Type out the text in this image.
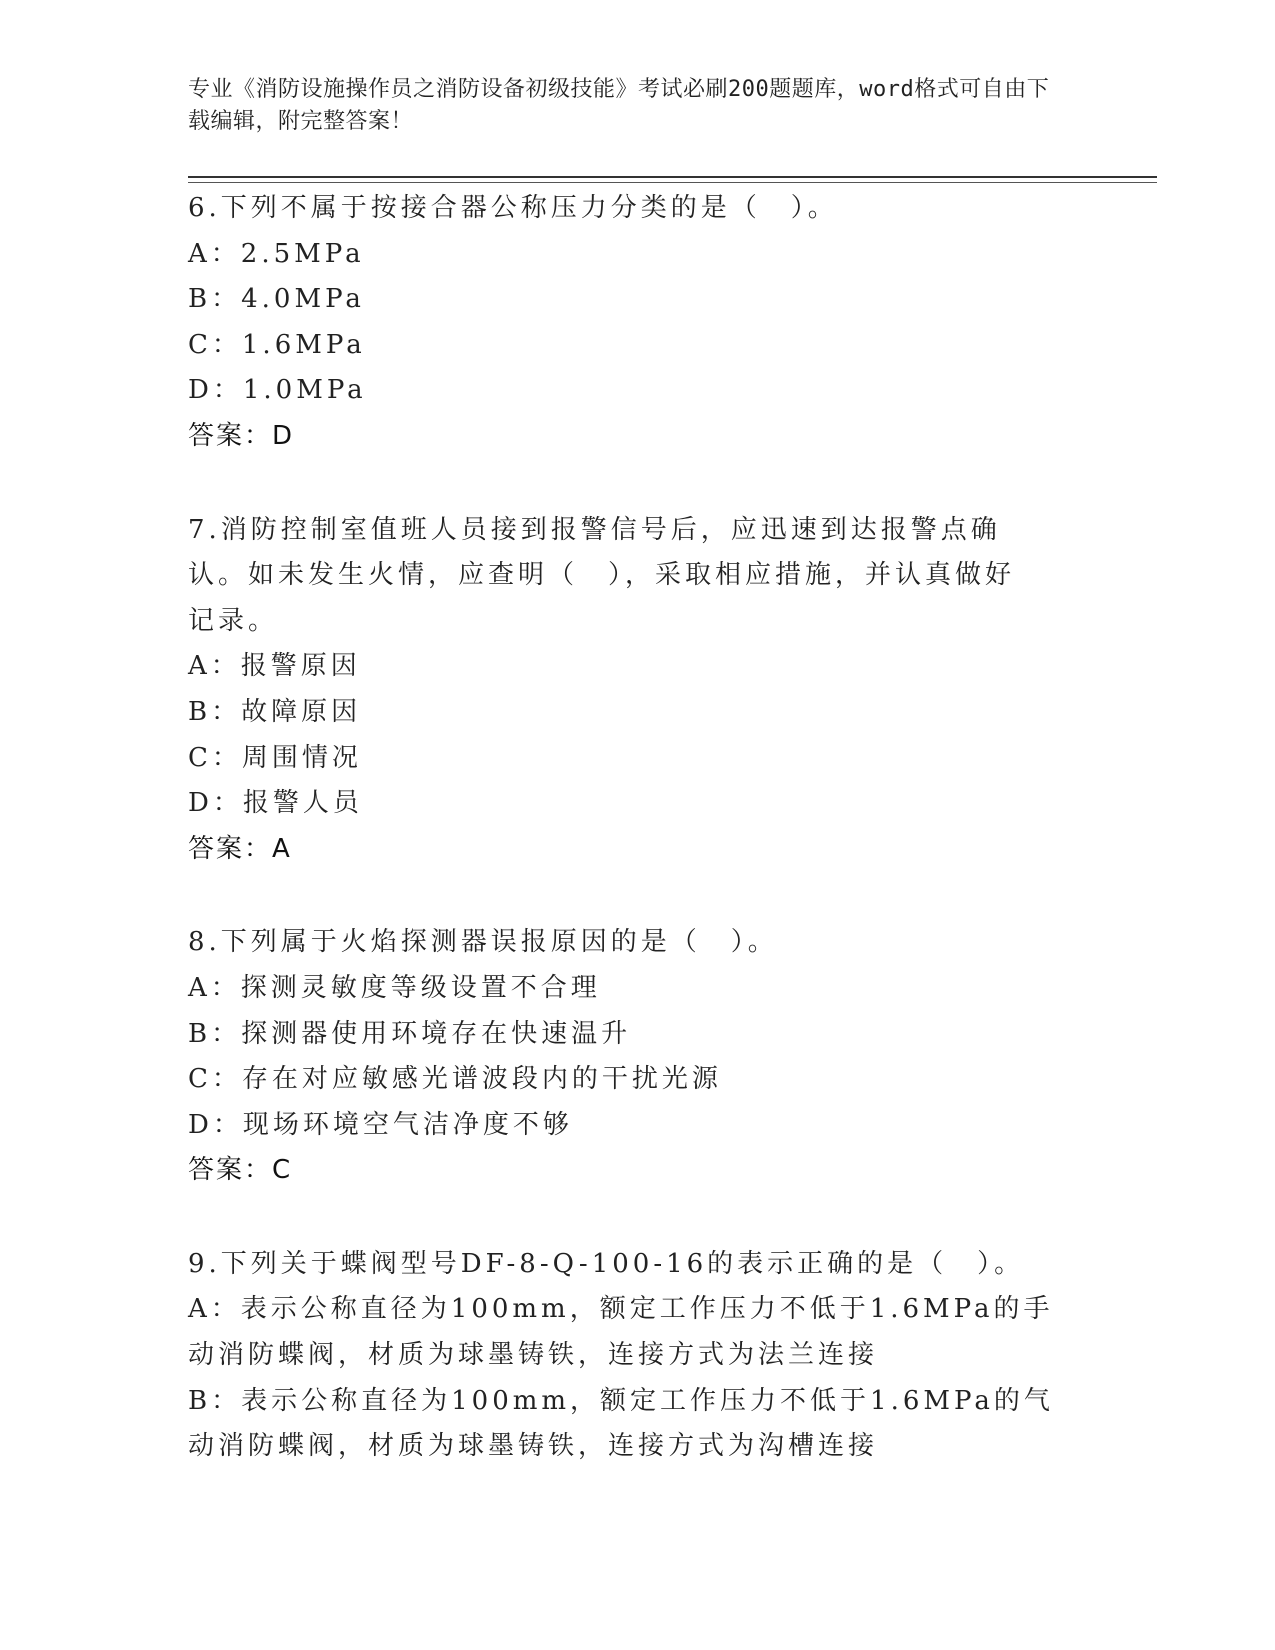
专业《消防设施操作员之消防设备初级技能》考试必刷200题题库，word格式可自由下载编辑，附完整答案！
6.下列不属于按接合器公称压力分类的是（　）。
A：2.5MPa
B：4.0MPa
C：1.6MPa
D：1.0MPa
答案：D
7.消防控制室值班人员接到报警信号后，应迅速到达报警点确认。如未发生火情，应查明（　），采取相应措施，并认真做好记录。
A：报警原因
B：故障原因
C：周围情况
D：报警人员
答案：A
8.下列属于火焰探测器误报原因的是（　）。
A：探测灵敏度等级设置不合理
B：探测器使用环境存在快速温升
C：存在对应敏感光谱波段内的干扰光源
D：现场环境空气洁净度不够
答案：C
9.下列关于蝶阀型号DF-8-Q-100-16的表示正确的是（　）。
A：表示公称直径为100mm，额定工作压力不低于1.6MPa的手动消防蝶阀，材质为球墨铸铁，连接方式为法兰连接
B：表示公称直径为100mm，额定工作压力不低于1.6MPa的气动消防蝶阀，材质为球墨铸铁，连接方式为沟槽连接
